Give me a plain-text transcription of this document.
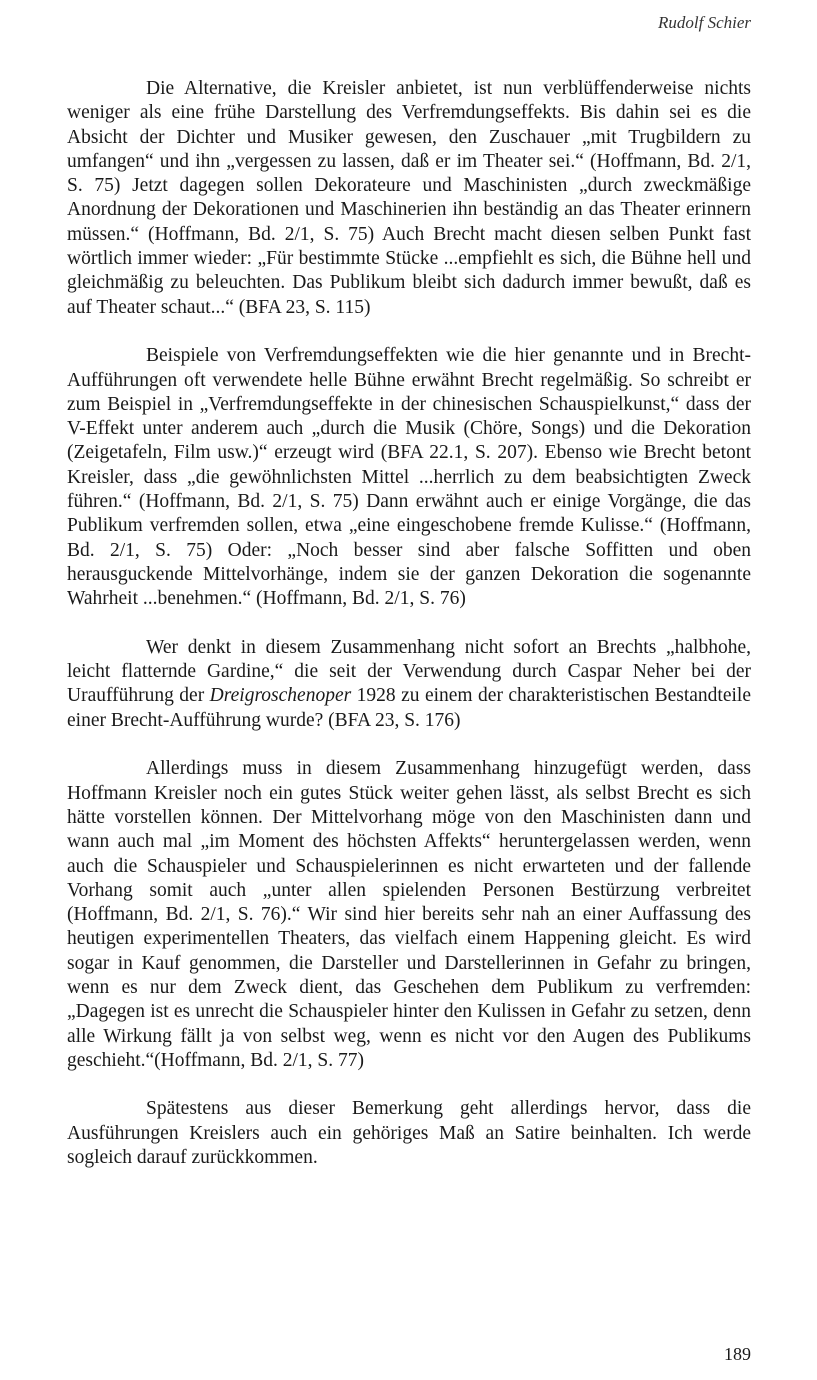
Rudolf Schier

Die Alternative, die Kreisler anbietet, ist nun verblüffenderweise nichts weniger als eine frühe Darstellung des Verfremdungseffekts. Bis dahin sei es die Absicht der Dichter und Musiker gewesen, den Zuschauer „mit Trugbildern zu umfangen“ und ihn „vergessen zu lassen, daß er im Theater sei.“ (Hoffmann, Bd. 2/1, S. 75) Jetzt dagegen sollen Dekorateure und Maschinisten „durch zweckmäßige Anordnung der Dekorationen und Maschinerien ihn beständig an das Theater erinnern müssen.“ (Hoffmann, Bd. 2/1, S. 75) Auch Brecht macht diesen selben Punkt fast wörtlich immer wieder: „Für bestimmte Stücke ...empfiehlt es sich, die Bühne hell und gleichmäßig zu beleuchten. Das Publikum bleibt sich dadurch immer bewußt, daß es auf Theater schaut...“ (BFA 23, S. 115)

Beispiele von Verfremdungseffekten wie die hier genannte und in Brecht-Aufführungen oft verwendete helle Bühne erwähnt Brecht regelmäßig. So schreibt er zum Beispiel in „Verfremdungseffekte in der chinesischen Schauspielkunst,“ dass der V-Effekt unter anderem auch „durch die Musik (Chöre, Songs) und die Dekoration (Zeigetafeln, Film usw.)“ erzeugt wird (BFA 22.1, S. 207). Ebenso wie Brecht betont Kreisler, dass „die gewöhnlichsten Mittel ...herrlich zu dem beabsichtigten Zweck führen.“ (Hoffmann, Bd. 2/1, S. 75) Dann erwähnt auch er einige Vorgänge, die das Publikum verfremden sollen, etwa „eine eingeschobene fremde Kulisse.“ (Hoffmann, Bd. 2/1, S. 75) Oder: „Noch besser sind aber falsche Soffitten und oben herausguckende Mittelvorhänge, indem sie der ganzen Dekoration die sogenannte Wahrheit ...benehmen.“ (Hoffmann, Bd. 2/1, S. 76)

Wer denkt in diesem Zusammenhang nicht sofort an Brechts „halbhohe, leicht flatternde Gardine,“ die seit der Verwendung durch Caspar Neher bei der Uraufführung der Dreigroschenoper 1928 zu einem der charakteristischen Bestandteile einer Brecht-Aufführung wurde? (BFA 23, S. 176)

Allerdings muss in diesem Zusammenhang hinzugefügt werden, dass Hoffmann Kreisler noch ein gutes Stück weiter gehen lässt, als selbst Brecht es sich hätte vorstellen können. Der Mittelvorhang möge von den Maschinisten dann und wann auch mal „im Moment des höchsten Affekts“ heruntergelassen werden, wenn auch die Schauspieler und Schauspielerinnen es nicht erwarteten und der fallende Vorhang somit auch „unter allen spielenden Personen Bestürzung verbreitet (Hoffmann, Bd. 2/1, S. 76).“ Wir sind hier bereits sehr nah an einer Auffassung des heutigen experimentellen Theaters, das vielfach einem Happening gleicht. Es wird sogar in Kauf genommen, die Darsteller und Darstellerinnen in Gefahr zu bringen, wenn es nur dem Zweck dient, das Geschehen dem Publikum zu verfremden: „Dagegen ist es unrecht die Schauspieler hinter den Kulissen in Gefahr zu setzen, denn alle Wirkung fällt ja von selbst weg, wenn es nicht vor den Augen des Publikums geschieht.“(Hoffmann, Bd. 2/1, S. 77)

Spätestens aus dieser Bemerkung geht allerdings hervor, dass die Ausführungen Kreislers auch ein gehöriges Maß an Satire beinhalten. Ich werde sogleich darauf zurückkommen.

189
